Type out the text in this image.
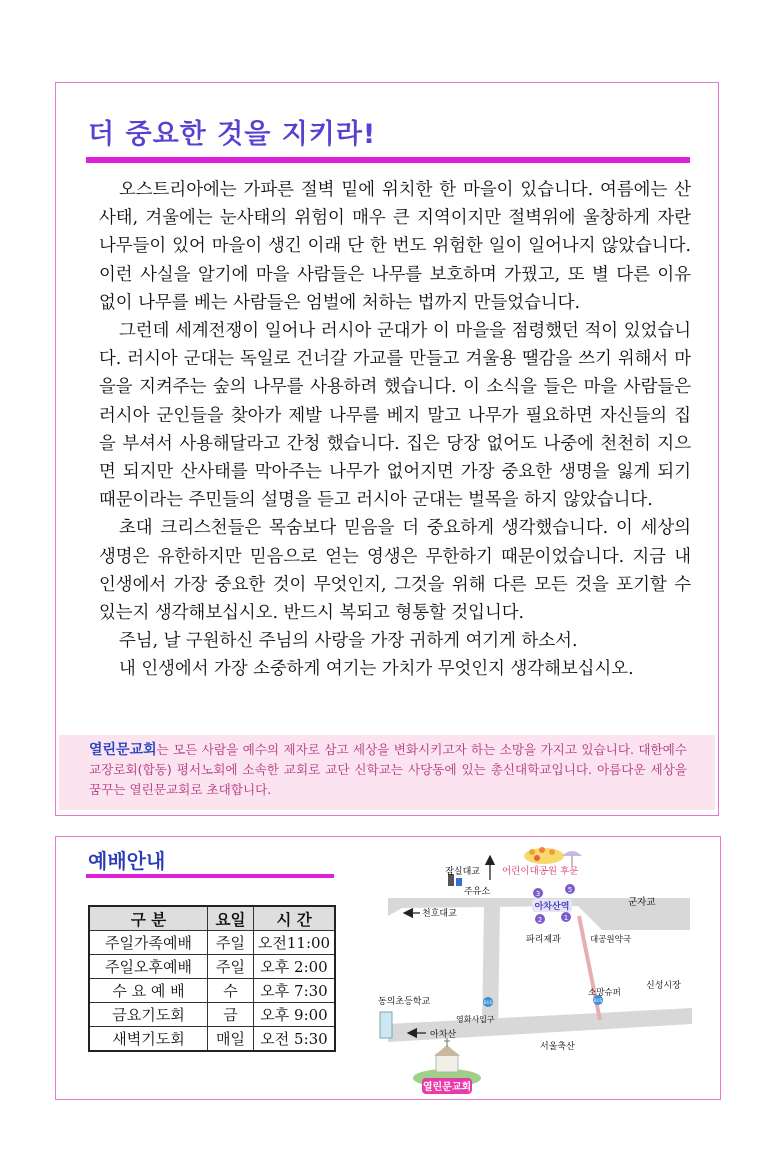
더 중요한 것을 지키라!

오스트리아에는 가파른 절벽 밑에 위치한 한 마을이 있습니다. 여름에는 산사태, 겨울에는 눈사태의 위험이 매우 큰 지역이지만 절벽위에 울창하게 자란 나무들이 있어 마을이 생긴 이래 단 한 번도 위험한 일이 일어나지 않았습니다. 이런 사실을 알기에 마을 사람들은 나무를 보호하며 가꿨고, 또 별 다른 이유 없이 나무를 베는 사람들은 엄벌에 처하는 법까지 만들었습니다.

그런데 세계전쟁이 일어나 러시아 군대가 이 마을을 점령했던 적이 있었습니다. 러시아 군대는 독일로 건너갈 가교를 만들고 겨울용 땔감을 쓰기 위해서 마을을 지켜주는 숲의 나무를 사용하려 했습니다. 이 소식을 들은 마을 사람들은 러시아 군인들을 찾아가 제발 나무를 베지 말고 나무가 필요하면 자신들의 집을 부셔서 사용해달라고 간청 했습니다. 집은 당장 없어도 나중에 천천히 지으면 되지만 산사태를 막아주는 나무가 없어지면 가장 중요한 생명을 잃게 되기 때문이라는 주민들의 설명을 듣고 러시아 군대는 벌목을 하지 않았습니다.

초대 크리스천들은 목숨보다 믿음을 더 중요하게 생각했습니다. 이 세상의 생명은 유한하지만 믿음으로 얻는 영생은 무한하기 때문이었습니다. 지금 내 인생에서 가장 중요한 것이 무엇인지, 그것을 위해 다른 모든 것을 포기할 수 있는지 생각해보십시오. 반드시 복되고 형통할 것입니다.

주님, 날 구원하신 주님의 사랑을 가장 귀하게 여기게 하소서.

내 인생에서 가장 소중하게 여기는 가치가 무엇인지 생각해보십시오.

열린문교회는 모든 사람을 예수의 제자로 삼고 세상을 변화시키고자 하는 소망을 가지고 있습니다. 대한예수교장로회(합동) 평서노회에 소속한 교회로 교단 신학교는 사당동에 있는 총신대학교입니다. 아름다운 세상을 꿈꾸는 열린문교회로 초대합니다.
예배안내
구 분	요일	시 간
주일가족예배	주일	오전11:00
주일오후예배	주일	오후 2:00
수 요 예 배	수	오후 7:30
금요기도회	금	오후 9:00
새벽기도회	매일	오전 5:30
3	5
2	1
아차산역
BUS	BUS
잠실대교 어린이대공원 후문
주유소
군자교
천호대교
파리제과	대공원약국
소망슈퍼
신성시장
동의초등학교
영화사입구
아차산
서울축산
열린문교회
